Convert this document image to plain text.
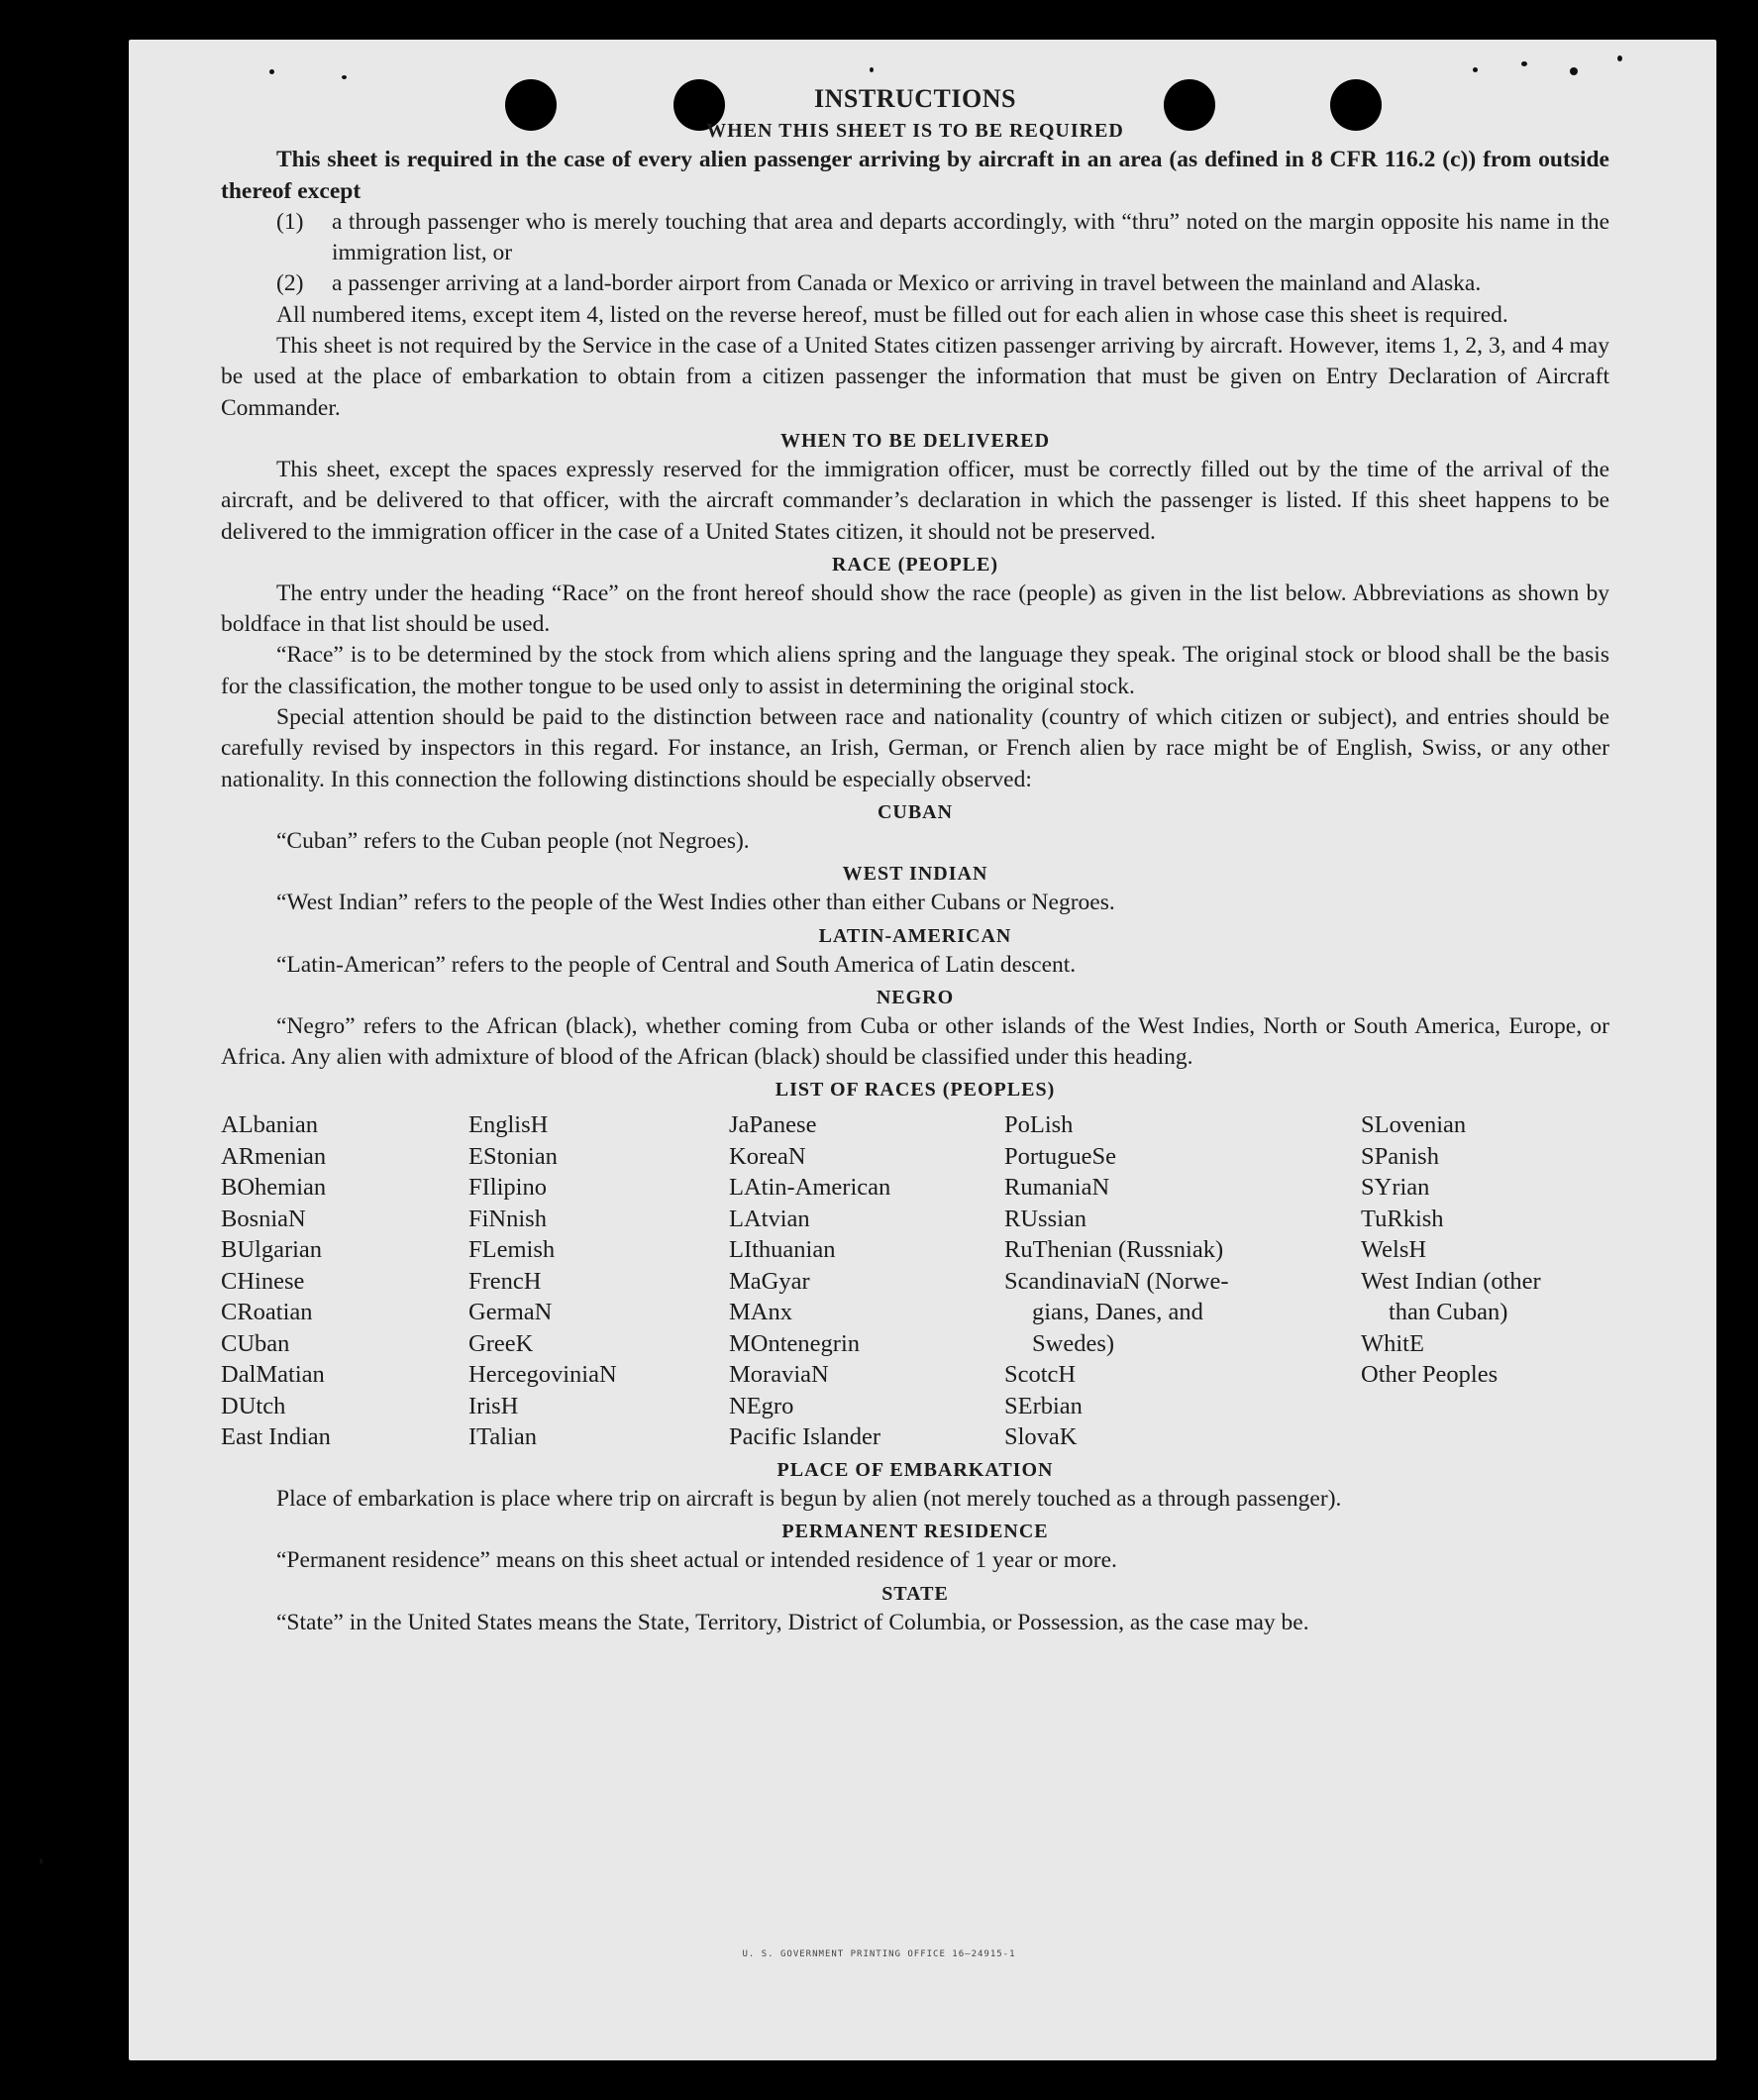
INSTRUCTIONS
WHEN THIS SHEET IS TO BE REQUIRED

This sheet is required in the case of every alien passenger arriving by aircraft in an area (as defined in 8 CFR 116.2 (c)) from outside thereof except

(1) a through passenger who is merely touching that area and departs accordingly, with “thru” noted on the margin opposite his name in the immigration list, or

(2) a passenger arriving at a land-border airport from Canada or Mexico or arriving in travel between the mainland and Alaska.

All numbered items, except item 4, listed on the reverse hereof, must be filled out for each alien in whose case this sheet is required.

This sheet is not required by the Service in the case of a United States citizen passenger arriving by aircraft. However, items 1, 2, 3, and 4 may be used at the place of embarkation to obtain from a citizen passenger the information that must be given on Entry Declaration of Aircraft Commander.

WHEN TO BE DELIVERED

This sheet, except the spaces expressly reserved for the immigration officer, must be correctly filled out by the time of the arrival of the aircraft, and be delivered to that officer, with the aircraft commander’s declaration in which the passenger is listed. If this sheet happens to be delivered to the immigration officer in the case of a United States citizen, it should not be preserved.

RACE (PEOPLE)

The entry under the heading “Race” on the front hereof should show the race (people) as given in the list below. Abbreviations as shown by boldface in that list should be used.

“Race” is to be determined by the stock from which aliens spring and the language they speak. The original stock or blood shall be the basis for the classification, the mother tongue to be used only to assist in determining the original stock.

Special attention should be paid to the distinction between race and nationality (country of which citizen or subject), and entries should be carefully revised by inspectors in this regard. For instance, an Irish, German, or French alien by race might be of English, Swiss, or any other nationality. In this connection the following distinctions should be especially observed:

CUBAN

“Cuban” refers to the Cuban people (not Negroes).

WEST INDIAN

“West Indian” refers to the people of the West Indies other than either Cubans or Negroes.

LATIN-AMERICAN

“Latin-American” refers to the people of Central and South America of Latin descent.

NEGRO

“Negro” refers to the African (black), whether coming from Cuba or other islands of the West Indies, North or South America, Europe, or Africa. Any alien with admixture of blood of the African (black) should be classified under this heading.

LIST OF RACES (PEOPLES)
ALbanian
ARmenian
BOhemian
BosniaN
BUlgarian
CHinese
CRoatian
CUban
DalMatian
DUtch
East Indian
EnglisH
EStonian
FIlipino
FiNnish
FLemish
FrencH
GermaN
GreeK
HercegoviniaN
IrisH
ITalian
JaPanese
KoreaN
LAtin-American
LAtvian
LIthuanian
MaGyar
MAnx
MOntenegrin
MoraviaN
NEgro
Pacific Islander
PoLish
PortugueSe
RumaniaN
RUssian
RuThenian (Russniak)
ScandinaviaN (Norwe-
gians, Danes, and
Swedes)
ScotcH
SErbian
SlovaK
SLovenian
SPanish
SYrian
TuRkish
WelsH
West Indian (other
than Cuban)
WhitE
Other Peoples
PLACE OF EMBARKATION

Place of embarkation is place where trip on aircraft is begun by alien (not merely touched as a through passenger).

PERMANENT RESIDENCE

“Permanent residence” means on this sheet actual or intended residence of 1 year or more.

STATE

“State” in the United States means the State, Territory, District of Columbia, or Possession, as the case may be.

U. S. GOVERNMENT PRINTING OFFICE 16—24915-1
